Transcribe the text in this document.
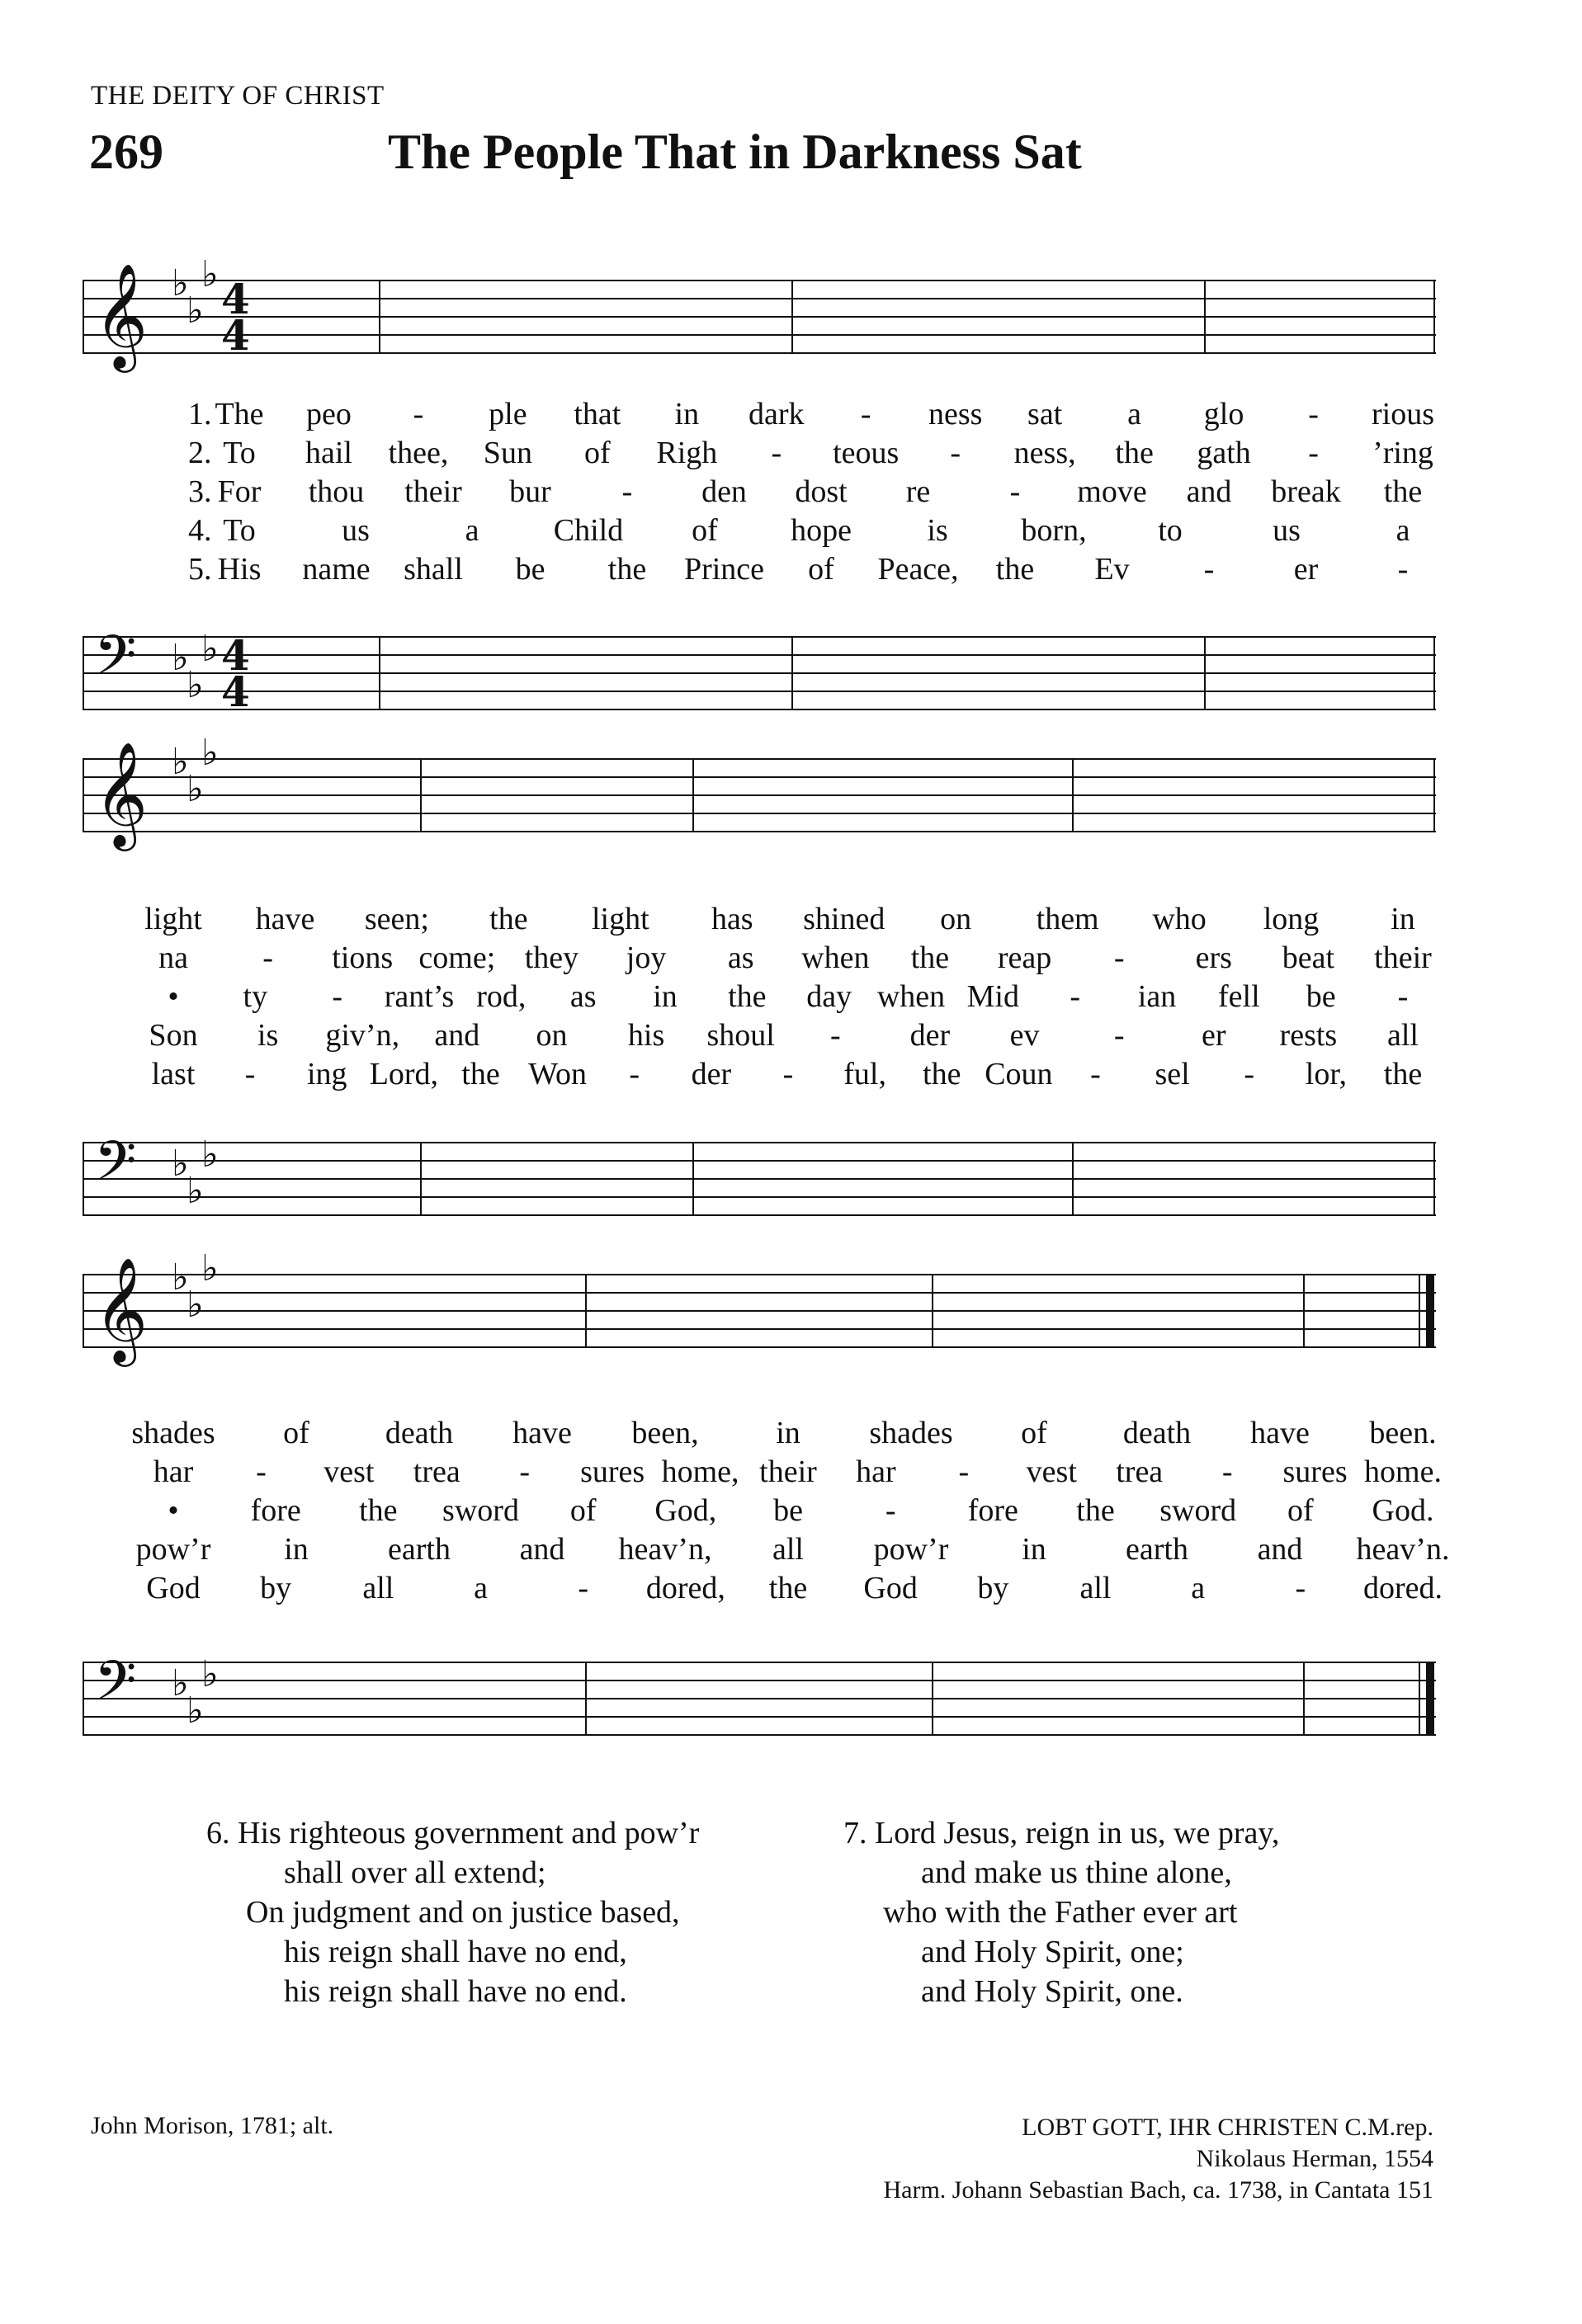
THE DEITY OF CHRIST
269	The People That in Darkness Sat
𝄞 ♭
♭
♭
4
4
1. The peo - ple that in dark - ness sat a glo - rious
2. To hail thee, Sun of Righ - teous - ness, the gath - ’ring
3. For thou their bur - den dost re	- move and break the
4. To	us	a Child of hope is born, to	us	a
5. His name shall be the Prince of Peace, the Ev -	er	-
𝄢 ♭
♭
♭ 4
4
𝄞 ♭
♭
♭
light have seen; the light has shined on them who long in
na - tions come; they joy as when the reap - ers beat their
• ty - rant’s rod, as in the day when Mid - ian fell be -
Son is giv’n, and on his shoul - der ev - er rests all
last - ing Lord, the Won - der - ful, the Coun - sel - lor, the
𝄢 ♭
♭
♭
𝄞 ♭
♭
♭
shades of death have been, in shades of death have been.
har - vest trea - sures home, their har - vest trea - sures home.
• fore the sword of God, be	- fore the sword of God.
pow’r in	earth and heav’n, all pow’r in	earth and heav’n.
God by all	a	- dored, the God by all	a	- dored.
𝄢 ♭
♭
♭
6. His righteous government and pow’r
shall over all extend;
On judgment and on justice based,
his reign shall have no end,
his reign shall have no end.
7. Lord Jesus, reign in us, we pray,
and make us thine alone,
who with the Father ever art
and Holy Spirit, one;
and Holy Spirit, one.
John Morison, 1781; alt.	LOBT GOTT, IHR CHRISTEN C.M.rep.
Nikolaus Herman, 1554
Harm. Johann Sebastian Bach, ca. 1738, in Cantata 151
